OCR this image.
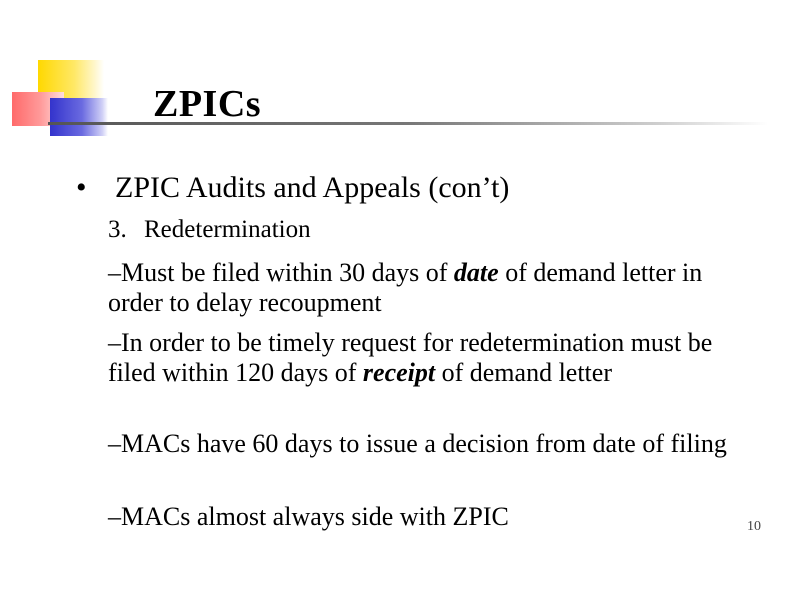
ZPICs
• ZPIC Audits and Appeals (con’t)
3. Redetermination
–Must be filed within 30 days of date of demand letter in order to delay recoupment
–In order to be timely request for redetermination must be filed within 120 days of receipt of demand letter
–MACs have 60 days to issue a decision from date of filing
–MACs almost always side with ZPIC	10
